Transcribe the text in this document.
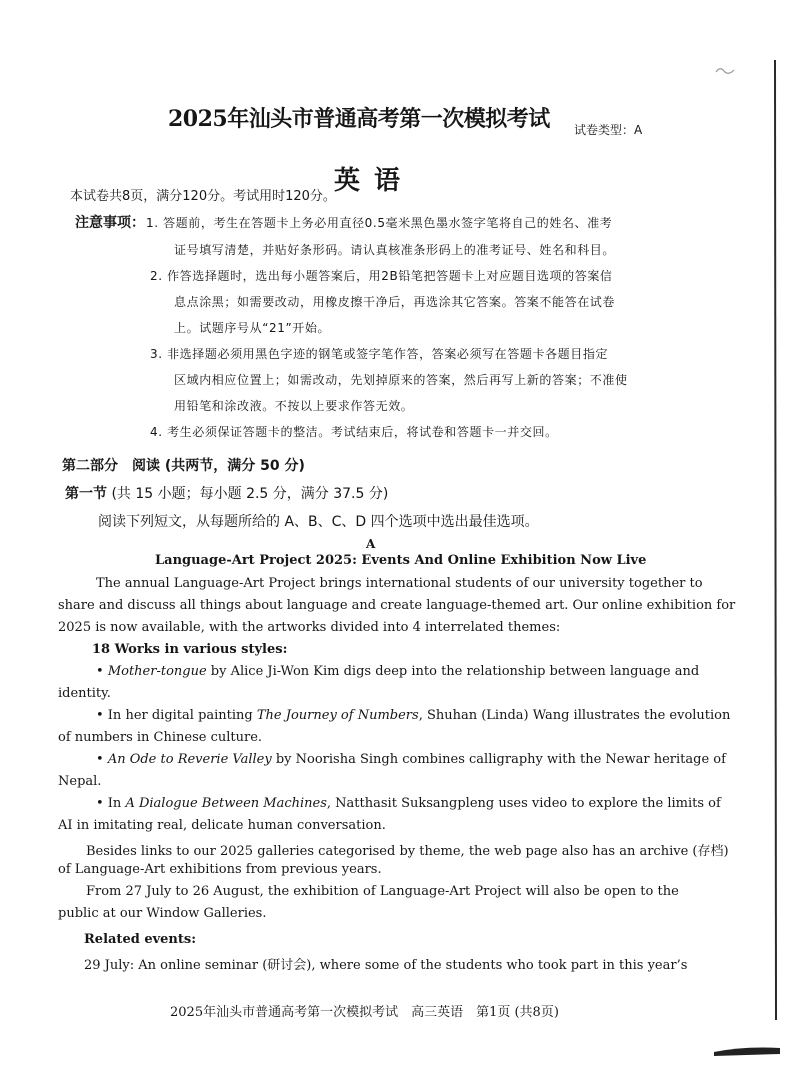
试卷类型：A
2025年汕头市普通高考第一次模拟考试
英语
本试卷共8页，满分120分。考试用时120分。
注意事项： 1. 答题前，考生在答题卡上务必用直径0.5毫米黑色墨水签字笔将自己的姓名、准考
证号填写清楚，并贴好条形码。请认真核准条形码上的准考证号、姓名和科目。
2. 作答选择题时，选出每小题答案后，用2B铅笔把答题卡上对应题目选项的答案信
息点涂黑；如需要改动，用橡皮擦干净后，再选涂其它答案。答案不能答在试卷
上。试题序号从“21”开始。
3. 非选择题必须用黑色字迹的钢笔或签字笔作答，答案必须写在答题卡各题目指定
区域内相应位置上；如需改动，先划掉原来的答案，然后再写上新的答案；不准使
用铅笔和涂改液。不按以上要求作答无效。
4. 考生必须保证答题卡的整洁。考试结束后，将试卷和答题卡一并交回。
第二部分　阅读 (共两节，满分 50 分)
第一节 (共 15 小题；每小题 2.5 分，满分 37.5 分)
阅读下列短文，从每题所给的 A、B、C、D 四个选项中选出最佳选项。
A
Language-Art Project 2025: Events And Online Exhibition Now Live
The annual Language-Art Project brings international students of our university together to
share and discuss all things about language and create language-themed art. Our online exhibition for
2025 is now available, with the artworks divided into 4 interrelated themes:
18 Works in various styles:
• Mother-tongue by Alice Ji-Won Kim digs deep into the relationship between language and
identity.
• In her digital painting The Journey of Numbers, Shuhan (Linda) Wang illustrates the evolution
of numbers in Chinese culture.
• An Ode to Reverie Valley by Noorisha Singh combines calligraphy with the Newar heritage of
Nepal.
• In A Dialogue Between Machines, Natthasit Suksangpleng uses video to explore the limits of
AI in imitating real, delicate human conversation.
Besides links to our 2025 galleries categorised by theme, the web page also has an archive (存档)
of Language-Art exhibitions from previous years.
From 27 July to 26 August, the exhibition of Language-Art Project will also be open to the
public at our Window Galleries.
Related events:
29 July: An online seminar (研讨会), where some of the students who took part in this year’s
2025年汕头市普通高考第一次模拟考试　高三英语　第1页 (共8页)
